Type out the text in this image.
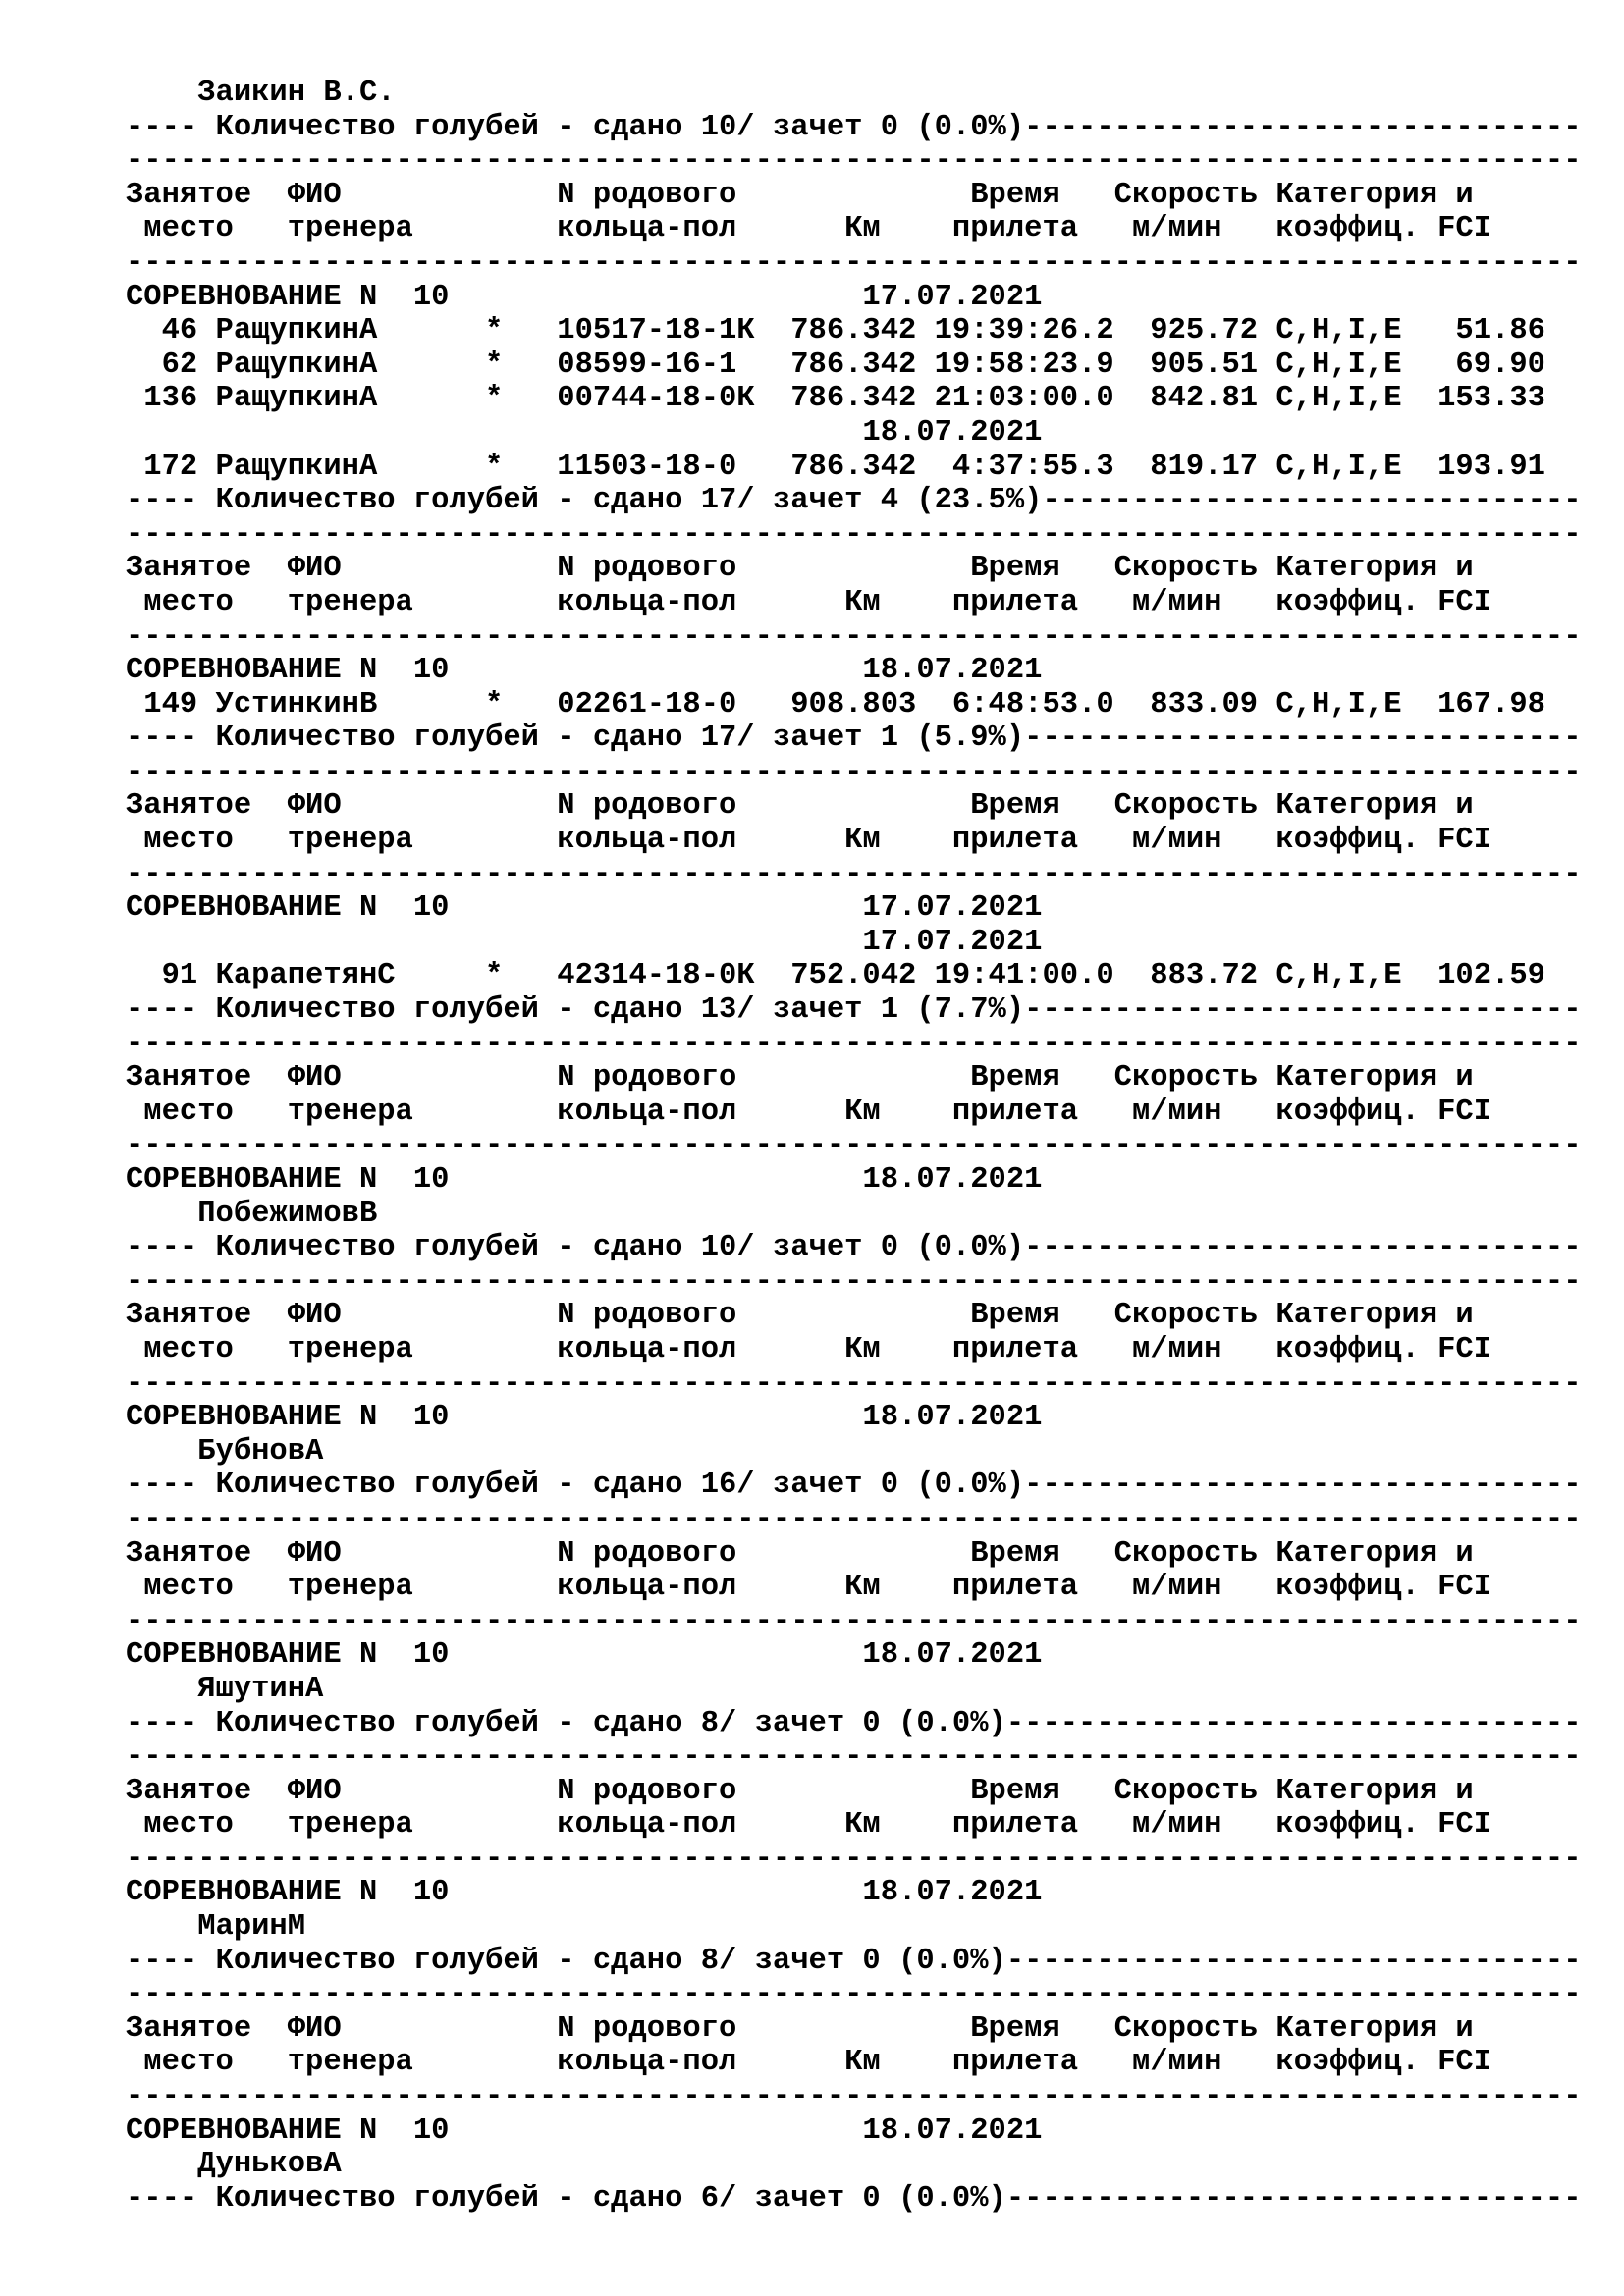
Заикин В.С.
---- Количество голубей - сдано 10/ зачет 0 (0.0%)-------------------------------
---------------------------------------------------------------------------------
Занятое  ФИО            N родового             Время   Скорость Категория и
место   тренера        кольца-пол      Км    прилета   м/мин   коэффиц. FCI
---------------------------------------------------------------------------------
СОРЕВНОВАНИЕ N  10                       17.07.2021
46 РащупкинА      *   10517-18-1К  786.342 19:39:26.2  925.72 C,H,I,E   51.86
62 РащупкинА      *   08599-16-1   786.342 19:58:23.9  905.51 C,H,I,E   69.90
136 РащупкинА      *   00744-18-0К  786.342 21:03:00.0  842.81 C,H,I,E  153.33
18.07.2021
172 РащупкинА      *   11503-18-0   786.342  4:37:55.3  819.17 C,H,I,E  193.91
---- Количество голубей - сдано 17/ зачет 4 (23.5%)------------------------------
---------------------------------------------------------------------------------
Занятое  ФИО            N родового             Время   Скорость Категория и
место   тренера        кольца-пол      Км    прилета   м/мин   коэффиц. FCI
---------------------------------------------------------------------------------
СОРЕВНОВАНИЕ N  10                       18.07.2021
149 УстинкинВ      *   02261-18-0   908.803  6:48:53.0  833.09 C,H,I,E  167.98
---- Количество голубей - сдано 17/ зачет 1 (5.9%)-------------------------------
---------------------------------------------------------------------------------
Занятое  ФИО            N родового             Время   Скорость Категория и
место   тренера        кольца-пол      Км    прилета   м/мин   коэффиц. FCI
---------------------------------------------------------------------------------
СОРЕВНОВАНИЕ N  10                       17.07.2021
17.07.2021
91 КарапетянС     *   42314-18-0К  752.042 19:41:00.0  883.72 C,H,I,E  102.59
---- Количество голубей - сдано 13/ зачет 1 (7.7%)-------------------------------
---------------------------------------------------------------------------------
Занятое  ФИО            N родового             Время   Скорость Категория и
место   тренера        кольца-пол      Км    прилета   м/мин   коэффиц. FCI
---------------------------------------------------------------------------------
СОРЕВНОВАНИЕ N  10                       18.07.2021
ПобежимовВ
---- Количество голубей - сдано 10/ зачет 0 (0.0%)-------------------------------
---------------------------------------------------------------------------------
Занятое  ФИО            N родового             Время   Скорость Категория и
место   тренера        кольца-пол      Км    прилета   м/мин   коэффиц. FCI
---------------------------------------------------------------------------------
СОРЕВНОВАНИЕ N  10                       18.07.2021
БубновА
---- Количество голубей - сдано 16/ зачет 0 (0.0%)-------------------------------
---------------------------------------------------------------------------------
Занятое  ФИО            N родового             Время   Скорость Категория и
место   тренера        кольца-пол      Км    прилета   м/мин   коэффиц. FCI
---------------------------------------------------------------------------------
СОРЕВНОВАНИЕ N  10                       18.07.2021
ЯшутинА
---- Количество голубей - сдано 8/ зачет 0 (0.0%)--------------------------------
---------------------------------------------------------------------------------
Занятое  ФИО            N родового             Время   Скорость Категория и
место   тренера        кольца-пол      Км    прилета   м/мин   коэффиц. FCI
---------------------------------------------------------------------------------
СОРЕВНОВАНИЕ N  10                       18.07.2021
МаринМ
---- Количество голубей - сдано 8/ зачет 0 (0.0%)--------------------------------
---------------------------------------------------------------------------------
Занятое  ФИО            N родового             Время   Скорость Категория и
место   тренера        кольца-пол      Км    прилета   м/мин   коэффиц. FCI
---------------------------------------------------------------------------------
СОРЕВНОВАНИЕ N  10                       18.07.2021
ДуньковА
---- Количество голубей - сдано 6/ зачет 0 (0.0%)--------------------------------
